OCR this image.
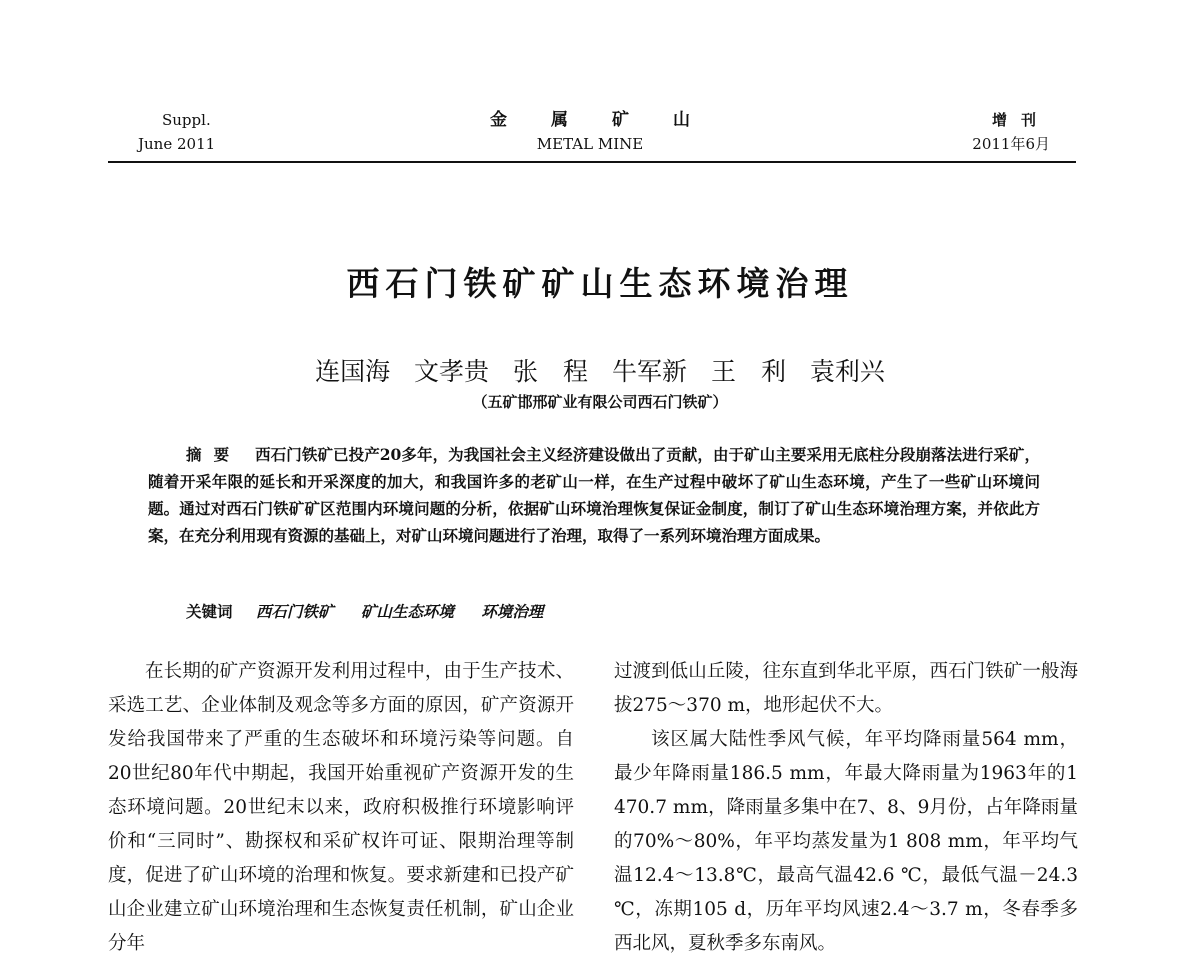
Suppl.
June 2011
金属矿山
METAL MINE
增刊
2011年6月
西石门铁矿矿山生态环境治理
连国海 文孝贵 张　程 牛军新 王　利 袁利兴
（五矿邯邢矿业有限公司西石门铁矿）
摘要 西石门铁矿已投产20多年，为我国社会主义经济建设做出了贡献，由于矿山主要采用无底柱分段崩落法进行采矿，随着开采年限的延长和开采深度的加大，和我国许多的老矿山一样，在生产过程中破坏了矿山生态环境，产生了一些矿山环境问题。通过对西石门铁矿矿区范围内环境问题的分析，依据矿山环境治理恢复保证金制度，制订了矿山生态环境治理方案，并依此方案，在充分利用现有资源的基础上，对矿山环境问题进行了治理，取得了一系列环境治理方面成果。
关键词 西石门铁矿 矿山生态环境 环境治理

在长期的矿产资源开发利用过程中，由于生产技术、采选工艺、企业体制及观念等多方面的原因，矿产资源开发给我国带来了严重的生态破坏和环境污染等问题。自20世纪80年代中期起，我国开始重视矿产资源开发的生态环境问题。20世纪末以来，政府积极推行环境影响评价和“三同时”、勘探权和采矿权许可证、限期治理等制度，促进了矿山环境的治理和恢复。要求新建和已投产矿山企业建立矿山环境治理和生态恢复责任机制，矿山企业分年

过渡到低山丘陵，往东直到华北平原，西石门铁矿一般海拔275～370 m，地形起伏不大。

该区属大陆性季风气候，年平均降雨量564 mm，最少年降雨量186.5 mm，年最大降雨量为1963年的1 470.7 mm，降雨量多集中在7、8、9月份，占年降雨量的70%～80%，年平均蒸发量为1 808 mm，年平均气温12.4～13.8℃，最高气温42.6 ℃，最低气温－24.3 ℃，冻期105 d，历年平均风速2.4～3.7 m，冬春季多西北风，夏秋季多东南风。
